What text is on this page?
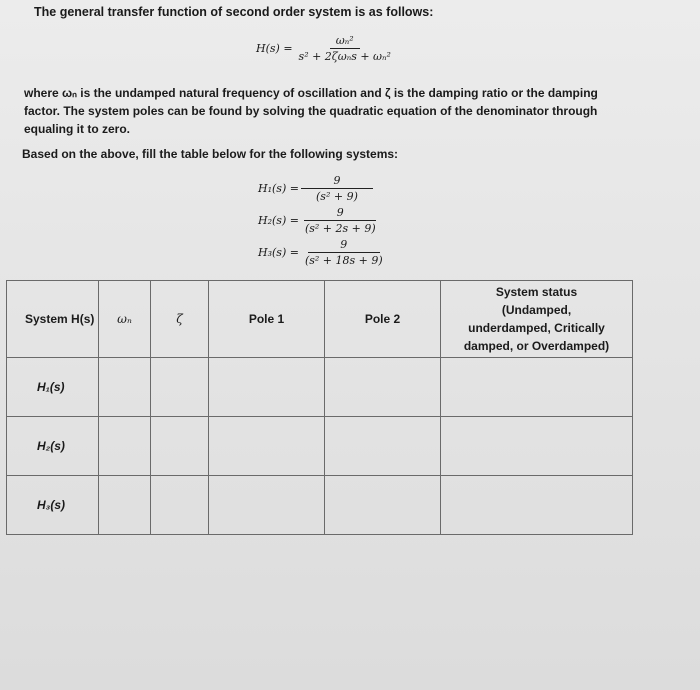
The general transfer function of second order system is as follows:
$H(s) = \frac{\text{ωₙ²}}{\text{s² + 2ζωₙs + ωₙ²}}$
where ωₙ is the undamped natural frequency of oscillation and ζ is the damping ratio or the damping factor. The system poles can be found by solving the quadratic equation of the denominator through equaling it to zero.
Based on the above, fill the table below for the following systems:
$H_1(s) = \frac{9}{\text{(s² + 9)}}$
$H_2(s) = \frac{9}{\text{(s² + 2s + 9)}}$
$H_3(s) = \frac{9}{\text{(s² + 18s + 9)}}$
System H(s)	ωₙ	ζ	Pole 1	Pole 2	System status
(Undamped,
underdamped, Critically
damped, or Overdamped)

H₁(s)					
H₂(s)					
H₃(s)					
